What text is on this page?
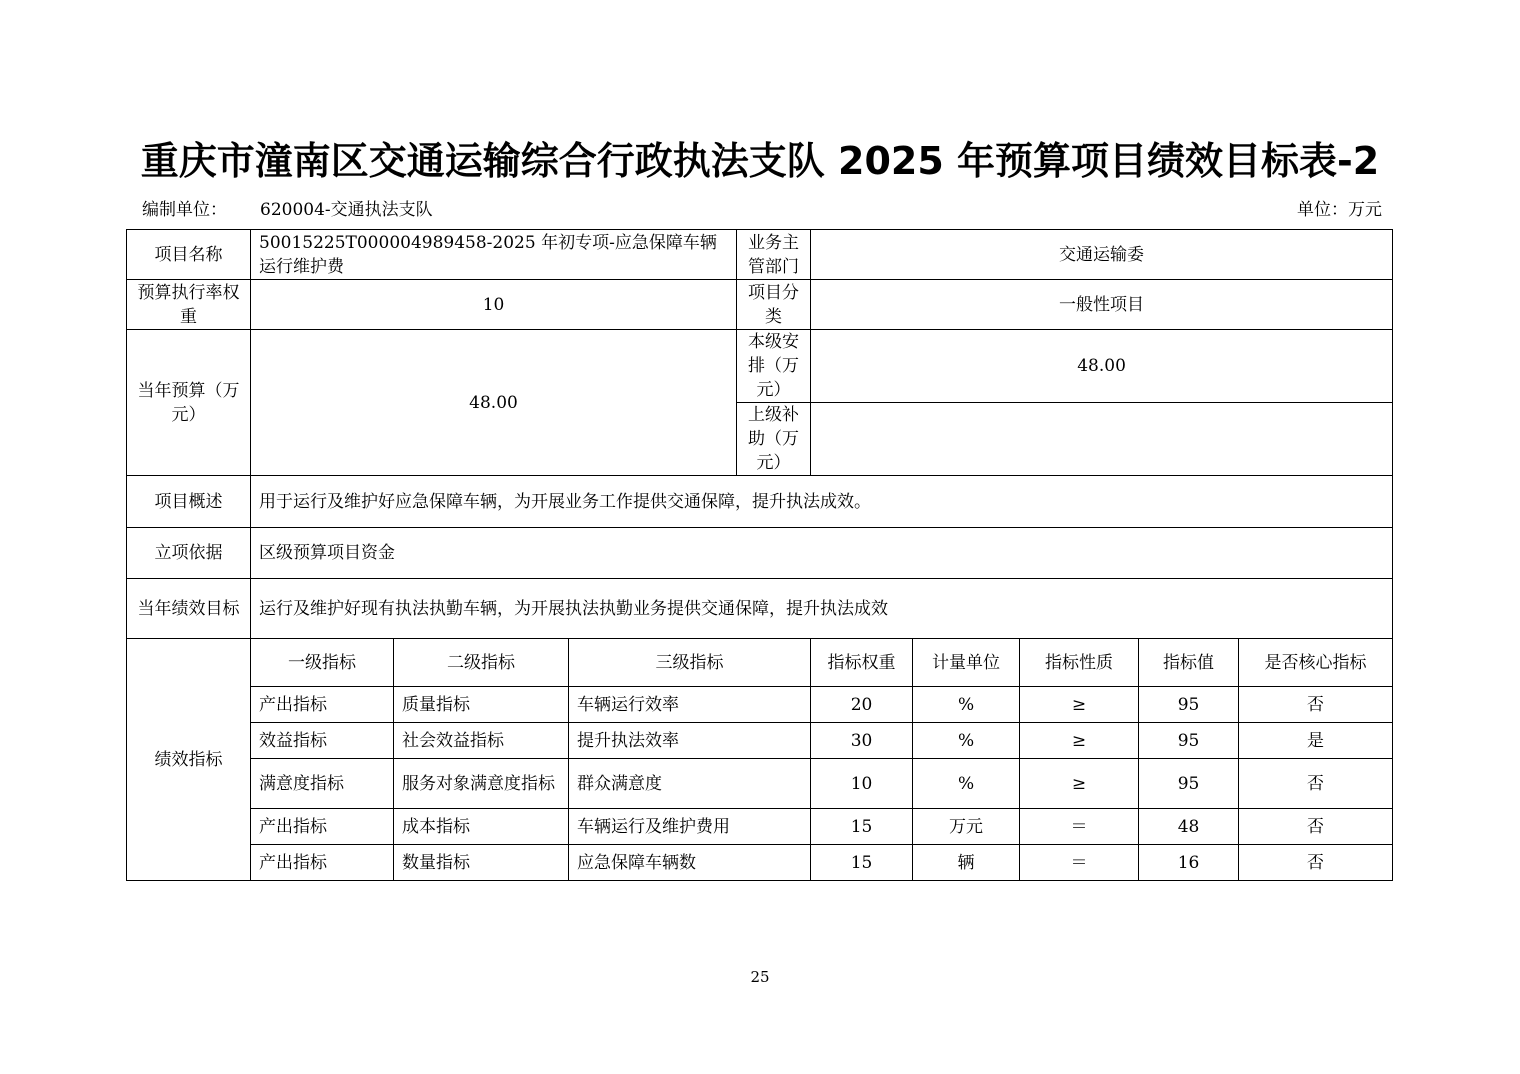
重庆市潼南区交通运输综合行政执法支队 2025 年预算项目绩效目标表-2
编制单位： 620004-交通执法支队	单位：万元
项目名称	50015225T000004989458-2025 年初专项-应急保障车辆运行维护费			业务主管部门	交通运输委				
预算执行率权重	10			项目分类	一般性项目				
当年预算（万元）	48.00			本级安排（万元）	48.00				
				上级补助（万元）					
项目概述	用于运行及维护好应急保障车辆，为开展业务工作提供交通保障，提升执法成效。								
立项依据	区级预算项目资金								
当年绩效目标	运行及维护好现有执法执勤车辆，为开展执法执勤业务提供交通保障，提升执法成效								
绩效指标	一级指标	二级指标	三级指标		指标权重	计量单位	指标性质	指标值	是否核心指标
	产出指标	质量指标	车辆运行效率		20	%	≥	95	否
	效益指标	社会效益指标	提升执法效率		30	%	≥	95	是
	满意度指标	服务对象满意度指标	群众满意度		10	%	≥	95	否
	产出指标	成本指标	车辆运行及维护费用		15	万元	＝	48	否
	产出指标	数量指标	应急保障车辆数		15	辆	＝	16	否
25
